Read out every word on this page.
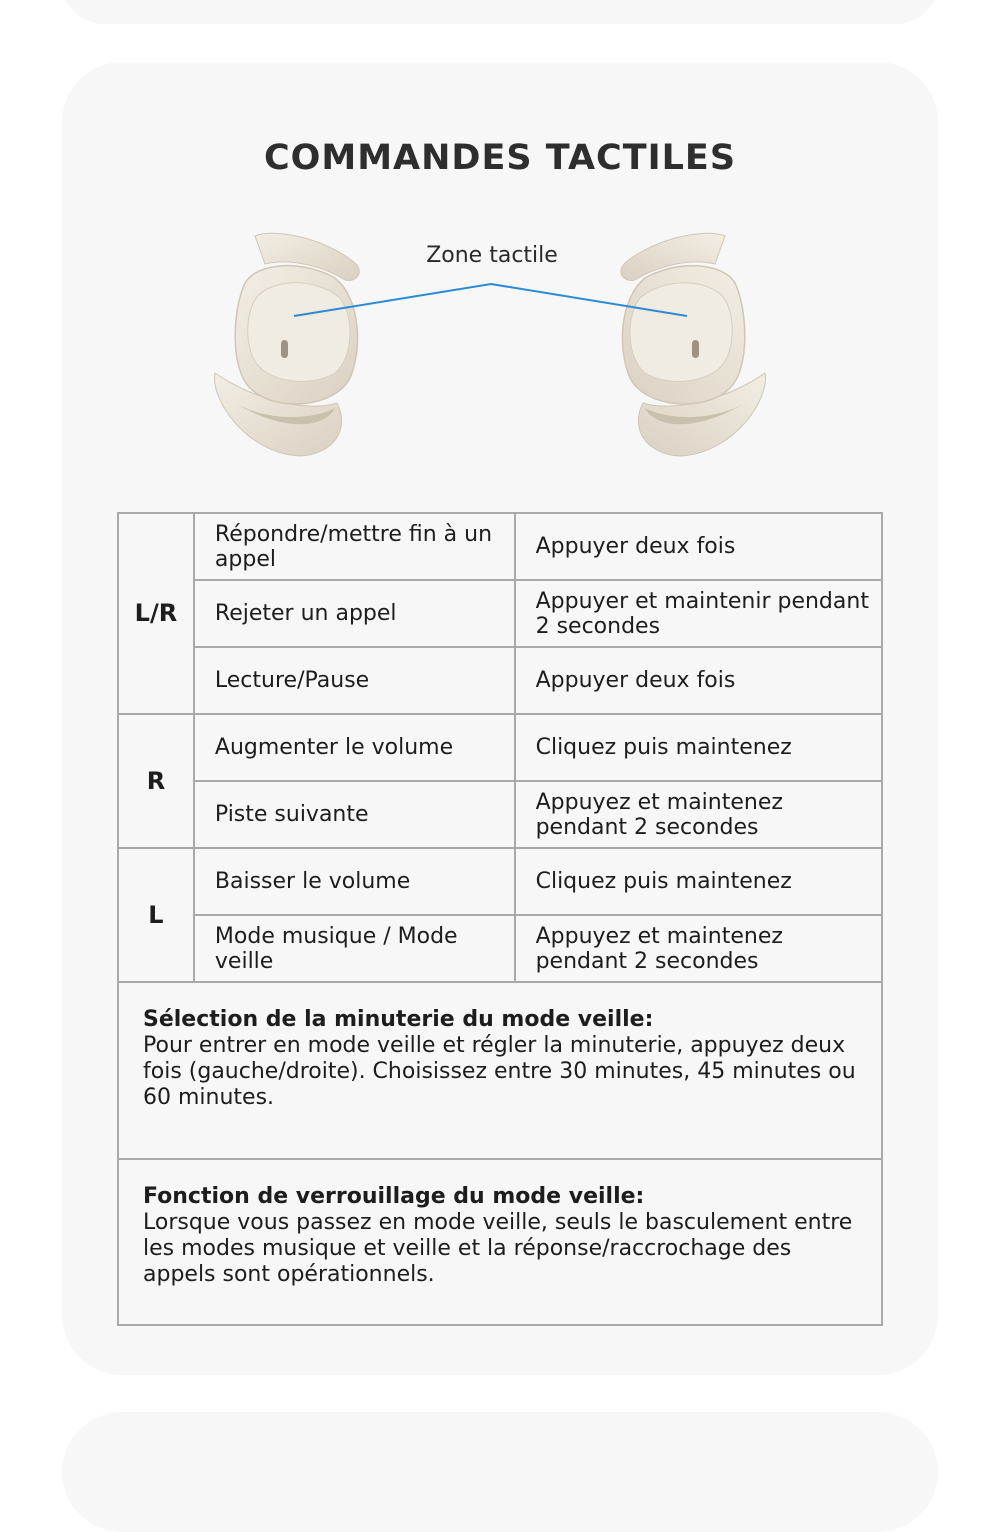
COMMANDES TACTILES
Zone tactile
L/R	Répondre/mettre fin à un appel	Appuyer deux fois
	Rejeter un appel	Appuyer et maintenir pendant 2 secondes
	Lecture/Pause	Appuyer deux fois
R	Augmenter le volume	Cliquez puis maintenez
	Piste suivante	Appuyez et maintenez pendant 2 secondes
L	Baisser le volume	Cliquez puis maintenez
	Mode musique / Mode veille	Appuyez et maintenez pendant 2 secondes

Sélection de la minuterie du mode veille:
Pour entrer en mode veille et régler la minuterie, appuyez deux fois (gauche/droite). Choisissez entre 30 minutes, 45 minutes ou 60 minutes.		

Fonction de verrouillage du mode veille:
Lorsque vous passez en mode veille, seuls le basculement entre les modes musique et veille et la réponse/raccrochage des appels sont opérationnels.		
